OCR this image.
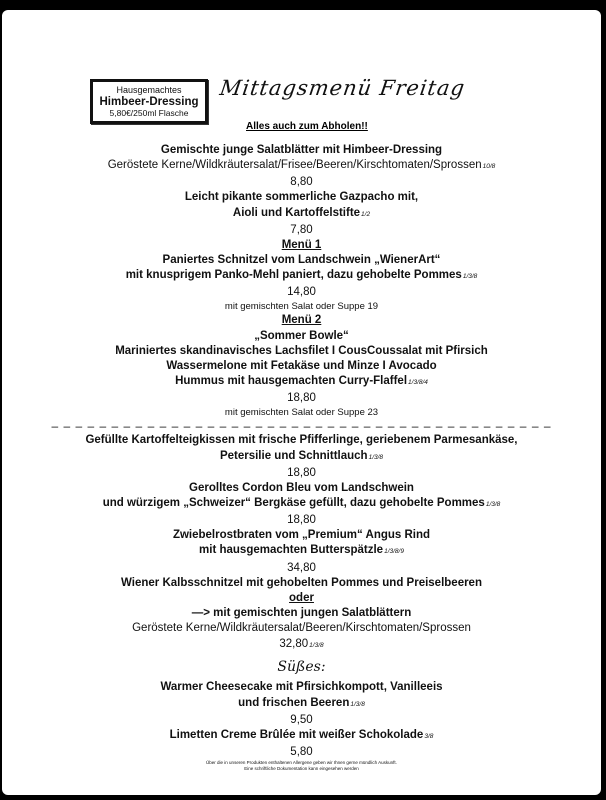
Hausgemachtes
Himbeer-Dressing
5,80€/250ml Flasche
Mittagsmenü Freitag
Alles auch zum Abholen!!
Gemischte junge Salatblätter mit Himbeer-Dressing
Geröstete Kerne/Wildkräutersalat/Frisee/Beeren/Kirschtomaten/Sprossen10/8
8,80
Leicht pikante sommerliche Gazpacho mit,
Aioli und Kartoffelstifte1/2
7,80
Menü 1
Paniertes Schnitzel vom Landschwein „WienerArt“
mit knusprigem Panko-Mehl paniert, dazu gehobelte Pommes1/3/8
14,80
mit gemischten Salat oder Suppe 19
Menü 2
„Sommer Bowle“
Mariniertes skandinavisches Lachsfilet I CousCoussalat mit Pfirsich
Wassermelone mit Fetakäse und Minze I Avocado
Hummus mit hausgemachten Curry-Flaffel1/3/8/4
18,80
mit gemischten Salat oder Suppe 23
– – – – – – – – – – – – – – – – – – – – – – – – – – – – – – – – – – – – – – – – – –
Gefüllte Kartoffelteigkissen mit frische Pfifferlinge, geriebenem Parmesankäse,
Petersilie und Schnittlauch1/3/8
18,80
Gerolltes Cordon Bleu vom Landschwein
und würzigem „Schweizer“ Bergkäse gefüllt, dazu gehobelte Pommes1/3/8
18,80
Zwiebelrostbraten vom „Premium“ Angus Rind
mit hausgemachten Butterspätzle1/3/8/9
34,80
Wiener Kalbsschnitzel mit gehobelten Pommes und Preiselbeeren
oder
—> mit gemischten jungen Salatblättern
Geröstete Kerne/Wildkräutersalat/Beeren/Kirschtomaten/Sprossen
32,801/3/8
Süßes:
Warmer Cheesecake mit Pfirsichkompott, Vanilleeis
und frischen Beeren1/3/8
9,50
Limetten Creme Brûlée mit weißer Schokolade3/8
5,80
Über die in unseren Produkten enthaltenen Allergene geben wir Ihnen gerne mündlich Auskunft.
Eine schriftliche Dokumentation kann eingesehen werden
